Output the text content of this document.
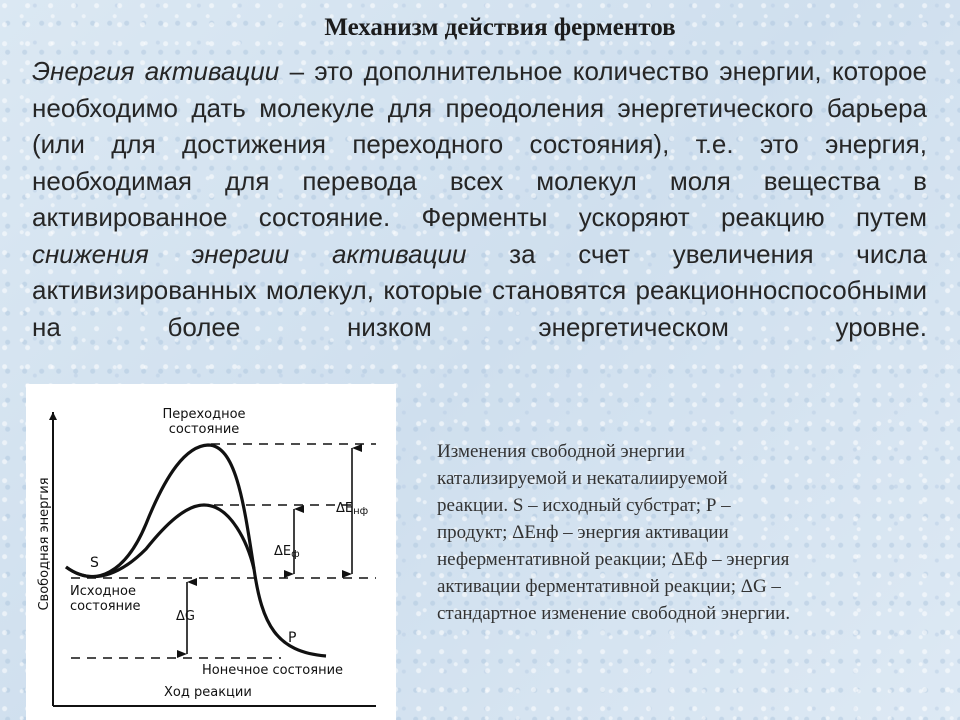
Механизм действия ферментов
Энергия активации – это дополнительное количество энергии, которое необходимо дать молекуле для преодоления энергетического барьера (или для достижения переходного состояния), т.е. это энергия, необходимая для перевода всех молекул моля вещества в активированное состояние. Ферменты ускоряют реакцию путем снижения энергии активации за счет увеличения числа активизированных молекул, которые становятся реакционноспособными на более низком энергетическом уровне.
Переходное
состояние
S
Исходное
состояние
P
Нонечное состояние
Ход реакции
Свободная энергия	ΔEнф
ΔEф
ΔG
Изменения свободной энергии
катализируемой и некаталиируемой
реакции. S – исходный субстрат; Р –
продукт; ΔЕнф – энергия активации
неферментативной реакции; ΔЕф – энергия
активации ферментативной реакции; ΔG –
стандартное изменение свободной энергии.
